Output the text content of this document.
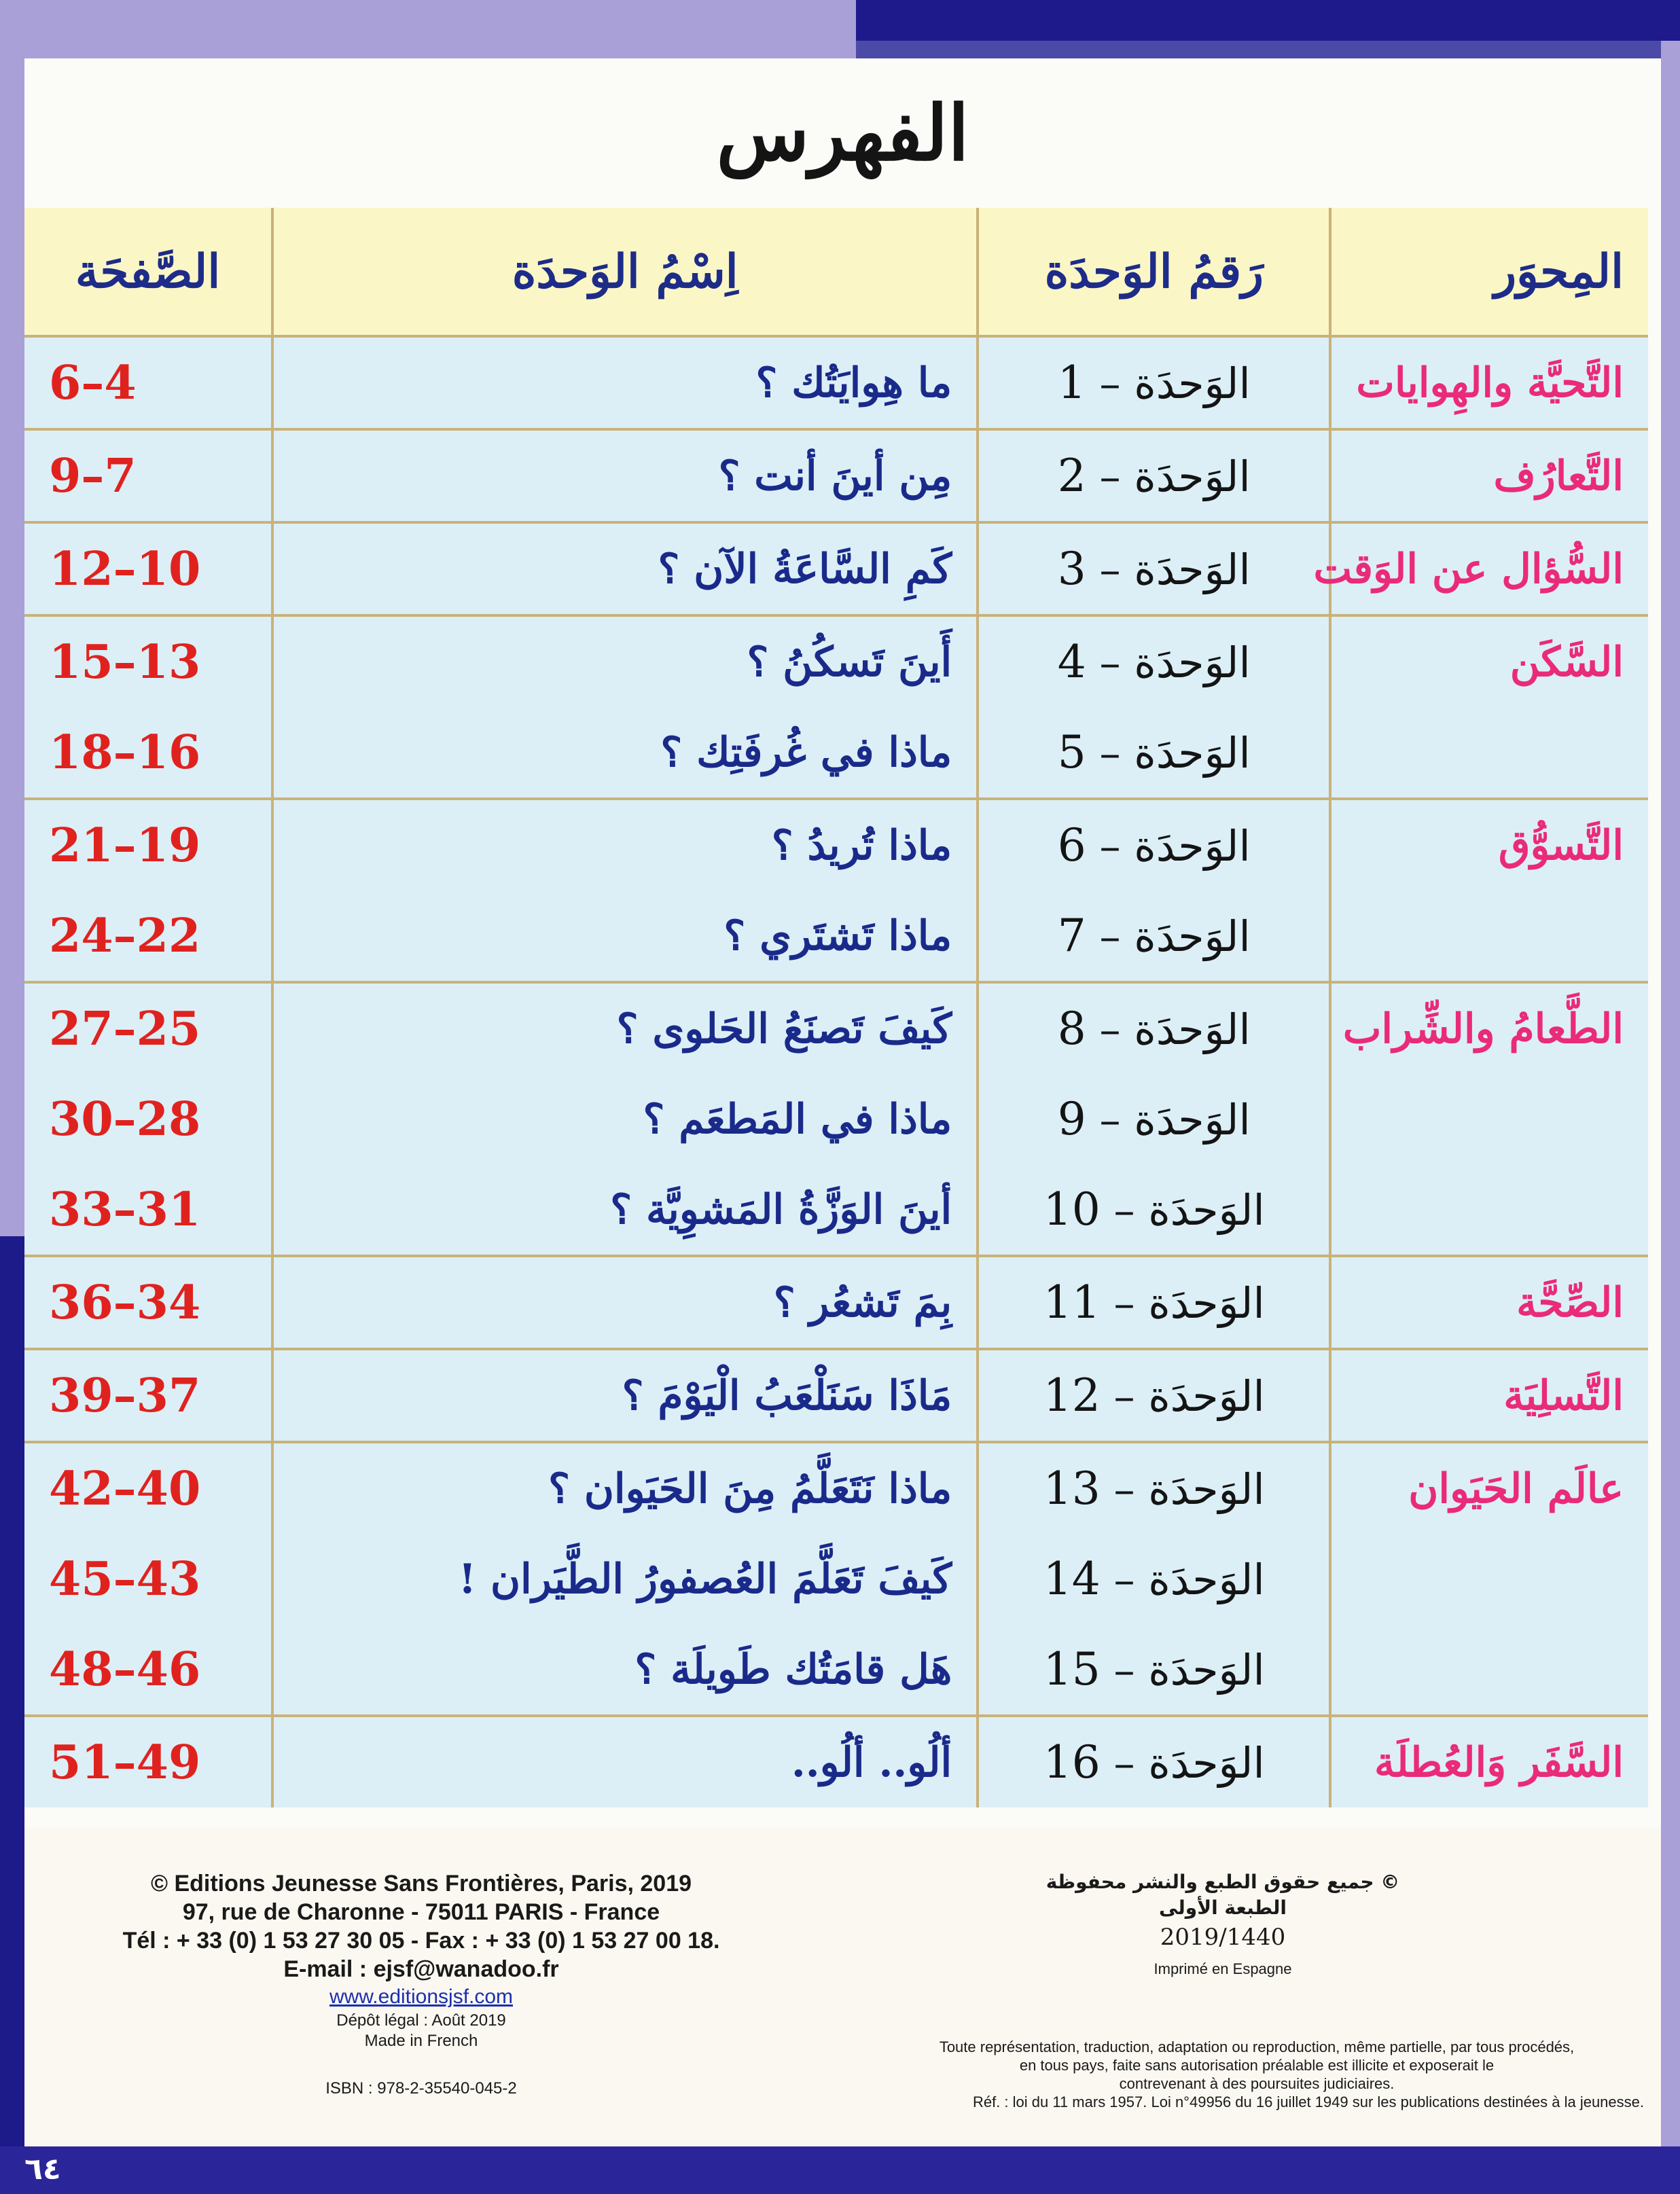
الفهرس
المِحوَر	رَقمُ الوَحدَة	اِسْمُ الوَحدَة	الصَّفحَة
التَّحيَّة والهِوايات	الوَحدَة – 1	ما هِوايَتُك ؟	6–4
التَّعارُف	الوَحدَة – 2	مِن أينَ أنت ؟	9–7
السُّؤال عن الوَقت	الوَحدَة – 3	كَمِ السَّاعَةُ الآن ؟	12–10
السَّكَن	الوَحدَة – 4	أَينَ تَسكُنُ ؟	15–13
	الوَحدَة – 5	ماذا في غُرفَتِك ؟	18–16
التَّسوُّق	الوَحدَة – 6	ماذا تُريدُ ؟	21–19
	الوَحدَة – 7	ماذا تَشتَري ؟	24–22
الطَّعامُ والشِّراب	الوَحدَة – 8	كَيفَ تَصنَعُ الحَلوى ؟	27–25
	الوَحدَة – 9	ماذا في المَطعَم ؟	30–28
	الوَحدَة – 10	أينَ الوَزَّةُ المَشوِيَّة ؟	33–31
الصِّحَّة	الوَحدَة – 11	بِمَ تَشعُر ؟	36–34
التَّسلِيَة	الوَحدَة – 12	مَاذَا سَنَلْعَبُ الْيَوْمَ ؟	39–37
عالَم الحَيَوان	الوَحدَة – 13	ماذا نَتَعَلَّمُ مِنَ الحَيَوان ؟	42–40
	الوَحدَة – 14	كَيفَ تَعَلَّمَ العُصفورُ الطَّيَران !	45–43
	الوَحدَة – 15	هَل قامَتُك طَويلَة ؟	48–46
السَّفَر وَالعُطلَة	الوَحدَة – 16	ألُو.. ألُو..	51–49
© Editions Jeunesse Sans Frontières, Paris, 2019
97, rue de Charonne - 75011 PARIS - France
Tél : + 33 (0) 1 53 27 30 05 - Fax : + 33 (0) 1 53 27 00 18.
E-mail : ejsf@wanadoo.fr
www.editionsjsf.com
Dépôt légal : Août 2019
Made in French
ISBN : 978-2-35540-045-2
© جميع حقوق الطبع والنشر محفوظة
الطبعة الأولى
2019/1440
Imprimé en Espagne
Toute représentation, traduction, adaptation ou reproduction, même partielle, par tous procédés,
en tous pays, faite sans autorisation préalable est illicite et exposerait le
contrevenant à des poursuites judiciaires.
Réf. : loi du 11 mars 1957. Loi n°49956 du 16 juillet 1949 sur les publications destinées à la jeunesse.
٦٤
